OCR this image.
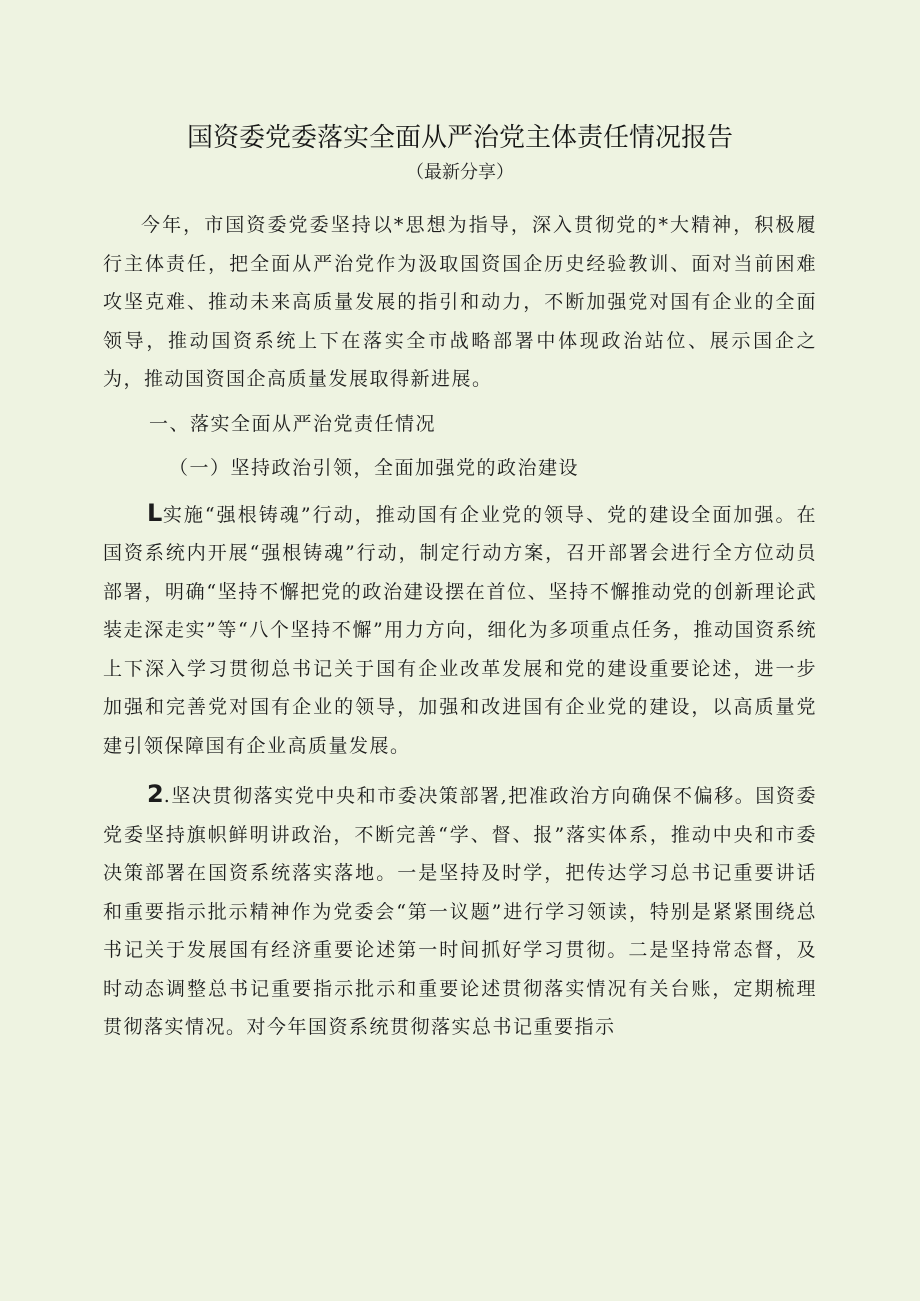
国资委党委落实全面从严治党主体责任情况报告

（最新分享）

今年，市国资委党委坚持以*思想为指导，深入贯彻党的*大精神，积极履行主体责任，把全面从严治党作为汲取国资国企历史经验教训、面对当前困难攻坚克难、推动未来高质量发展的指引和动力，不断加强党对国有企业的全面领导，推动国资系统上下在落实全市战略部署中体现政治站位、展示国企之为，推动国资国企高质量发展取得新进展。

一、落实全面从严治党责任情况

（一）坚持政治引领，全面加强党的政治建设

L实施“强根铸魂”行动，推动国有企业党的领导、党的建设全面加强。在国资系统内开展“强根铸魂”行动，制定行动方案，召开部署会进行全方位动员部署，明确“坚持不懈把党的政治建设摆在首位、坚持不懈推动党的创新理论武装走深走实”等“八个坚持不懈”用力方向，细化为多项重点任务，推动国资系统上下深入学习贯彻总书记关于国有企业改革发展和党的建设重要论述，进一步加强和完善党对国有企业的领导，加强和改进国有企业党的建设，以高质量党建引领保障国有企业高质量发展。

2.坚决贯彻落实党中央和市委决策部署,把准政治方向确保不偏移。国资委党委坚持旗帜鲜明讲政治，不断完善“学、督、报”落实体系，推动中央和市委决策部署在国资系统落实落地。一是坚持及时学，把传达学习总书记重要讲话和重要指示批示精神作为党委会“第一议题”进行学习领读，特别是紧紧围绕总书记关于发展国有经济重要论述第一时间抓好学习贯彻。二是坚持常态督，及时动态调整总书记重要指示批示和重要论述贯彻落实情况有关台账，定期梳理贯彻落实情况。对今年国资系统贯彻落实总书记重要指示
